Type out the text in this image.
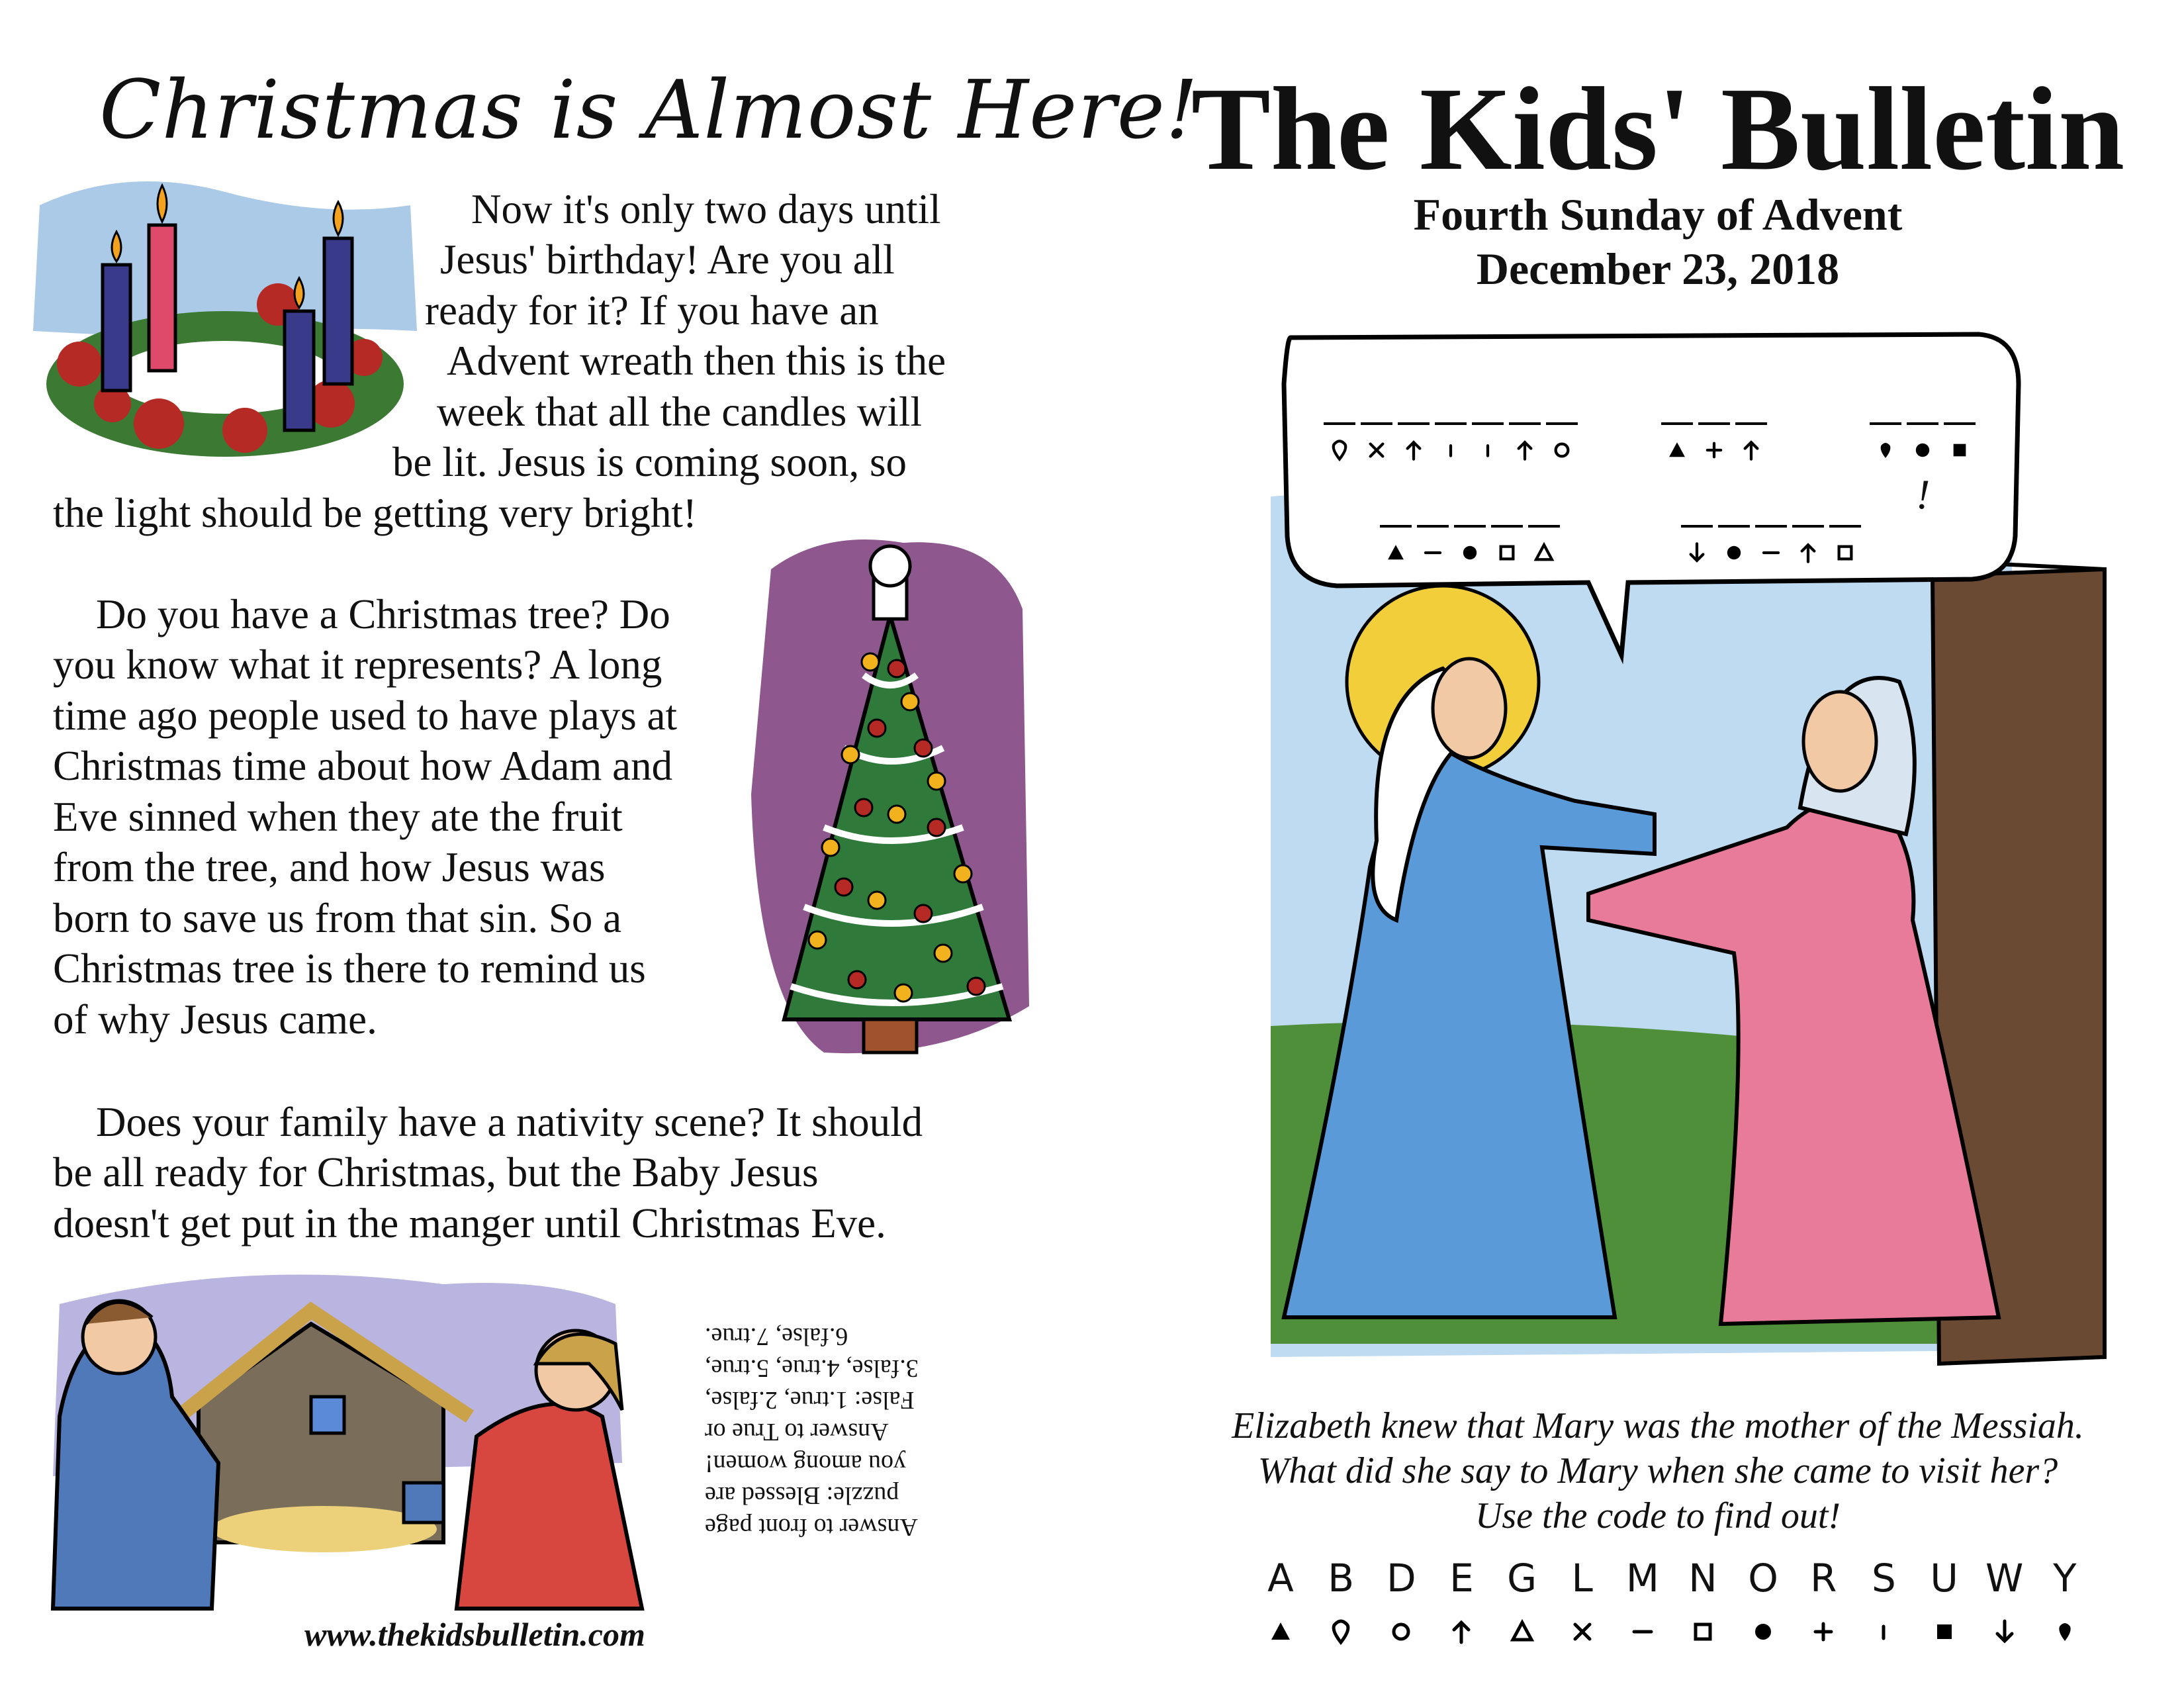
Christmas is Almost Here!
Now it's only two days until
Jesus' birthday! Are you all
ready for it? If you have an
Advent wreath then this is the
week that all the candles will
be lit. Jesus is coming soon, so
the light should be getting very bright!
Do you have a Christmas tree? Do
you know what it represents? A long
time ago people used to have plays at
Christmas time about how Adam and
Eve sinned when they ate the fruit
from the tree, and how Jesus was
born to save us from that sin. So a
Christmas tree is there to remind us
of why Jesus came.
Does your family have a nativity scene? It should
be all ready for Christmas, but the Baby Jesus
doesn't get put in the manger until Christmas Eve.
Answer to front page
puzzle: Blessed are
you among women!
Answer to True or
False: 1.true, 2.false,
3.false, 4.true, 5.true,
6.false, 7.true.
www.thekidsbulletin.com
The Kids' Bulletin
Fourth Sunday of Advent
December 23, 2018
!
Elizabeth knew that Mary was the mother of the Messiah.
What did she say to Mary when she came to visit her?
Use the code to find out!
A B D E G L M N O R S U W Y
